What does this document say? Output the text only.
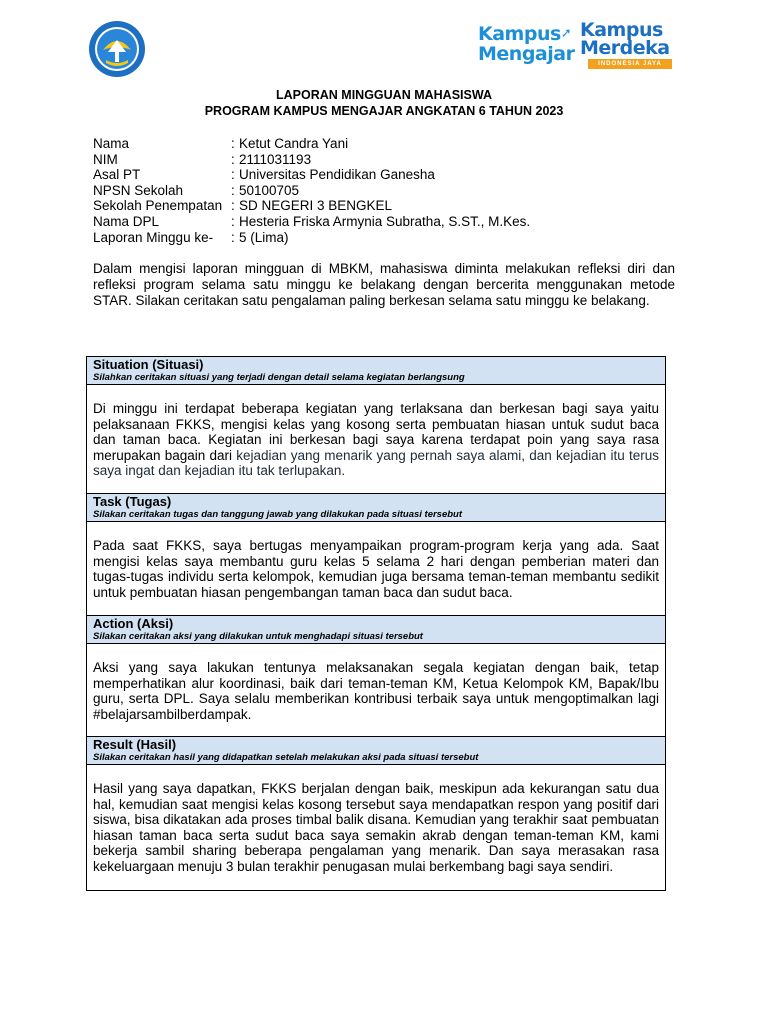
Kampus➚
Mengajar
Kampus
Merdeka
INDONESIA JAYA
LAPORAN MINGGUAN MAHASISWA
PROGRAM KAMPUS MENGAJAR ANGKATAN 6 TAHUN 2023
Nama	: Ketut Candra Yani
NIM	: 2111031193
Asal PT	: Universitas Pendidikan Ganesha
NPSN Sekolah	: 50100705
Sekolah Penempatan : SD NEGERI 3 BENGKEL
Nama DPL	: Hesteria Friska Armynia Subratha, S.ST., M.Kes.
Laporan Minggu ke- : 5 (Lima)

Dalam mengisi laporan mingguan di MBKM, mahasiswa diminta melakukan refleksi diri dan refleksi program selama satu minggu ke belakang dengan bercerita menggunakan metode STAR. Silakan ceritakan satu pengalaman paling berkesan selama satu minggu ke belakang.

Situation (Situasi)
Silahkan ceritakan situasi yang terjadi dengan detail selama kegiatan berlangsung

Di minggu ini terdapat beberapa kegiatan yang terlaksana dan berkesan bagi saya yaitu pelaksanaan FKKS, mengisi kelas yang kosong serta pembuatan hiasan untuk sudut baca dan taman baca. Kegiatan ini berkesan bagi saya karena terdapat poin yang saya rasa merupakan bagain dari kejadian yang menarik yang pernah saya alami, dan kejadian itu terus saya ingat dan kejadian itu tak terlupakan.

Task (Tugas)
Silakan ceritakan tugas dan tanggung jawab yang dilakukan pada situasi tersebut

Pada saat FKKS, saya bertugas menyampaikan program-program kerja yang ada. Saat mengisi kelas saya membantu guru kelas 5 selama 2 hari dengan pemberian materi dan tugas-tugas individu serta kelompok, kemudian juga bersama teman-teman membantu sedikit untuk pembuatan hiasan pengembangan taman baca dan sudut baca.

Action (Aksi)
Silakan ceritakan aksi yang dilakukan untuk menghadapi situasi tersebut

Aksi yang saya lakukan tentunya melaksanakan segala kegiatan dengan baik, tetap memperhatikan alur koordinasi, baik dari teman-teman KM, Ketua Kelompok KM, Bapak/Ibu guru, serta DPL. Saya selalu memberikan kontribusi terbaik saya untuk mengoptimalkan lagi #belajarsambilberdampak.

Result (Hasil)
Silakan ceritakan hasil yang didapatkan setelah melakukan aksi pada situasi tersebut

Hasil yang saya dapatkan, FKKS berjalan dengan baik, meskipun ada kekurangan satu dua hal, kemudian saat mengisi kelas kosong tersebut saya mendapatkan respon yang positif dari siswa, bisa dikatakan ada proses timbal balik disana. Kemudian yang terakhir saat pembuatan hiasan taman baca serta sudut baca saya semakin akrab dengan teman-teman KM, kami bekerja sambil sharing beberapa pengalaman yang menarik. Dan saya merasakan rasa kekeluargaan menuju 3 bulan terakhir penugasan mulai berkembang bagi saya sendiri.
